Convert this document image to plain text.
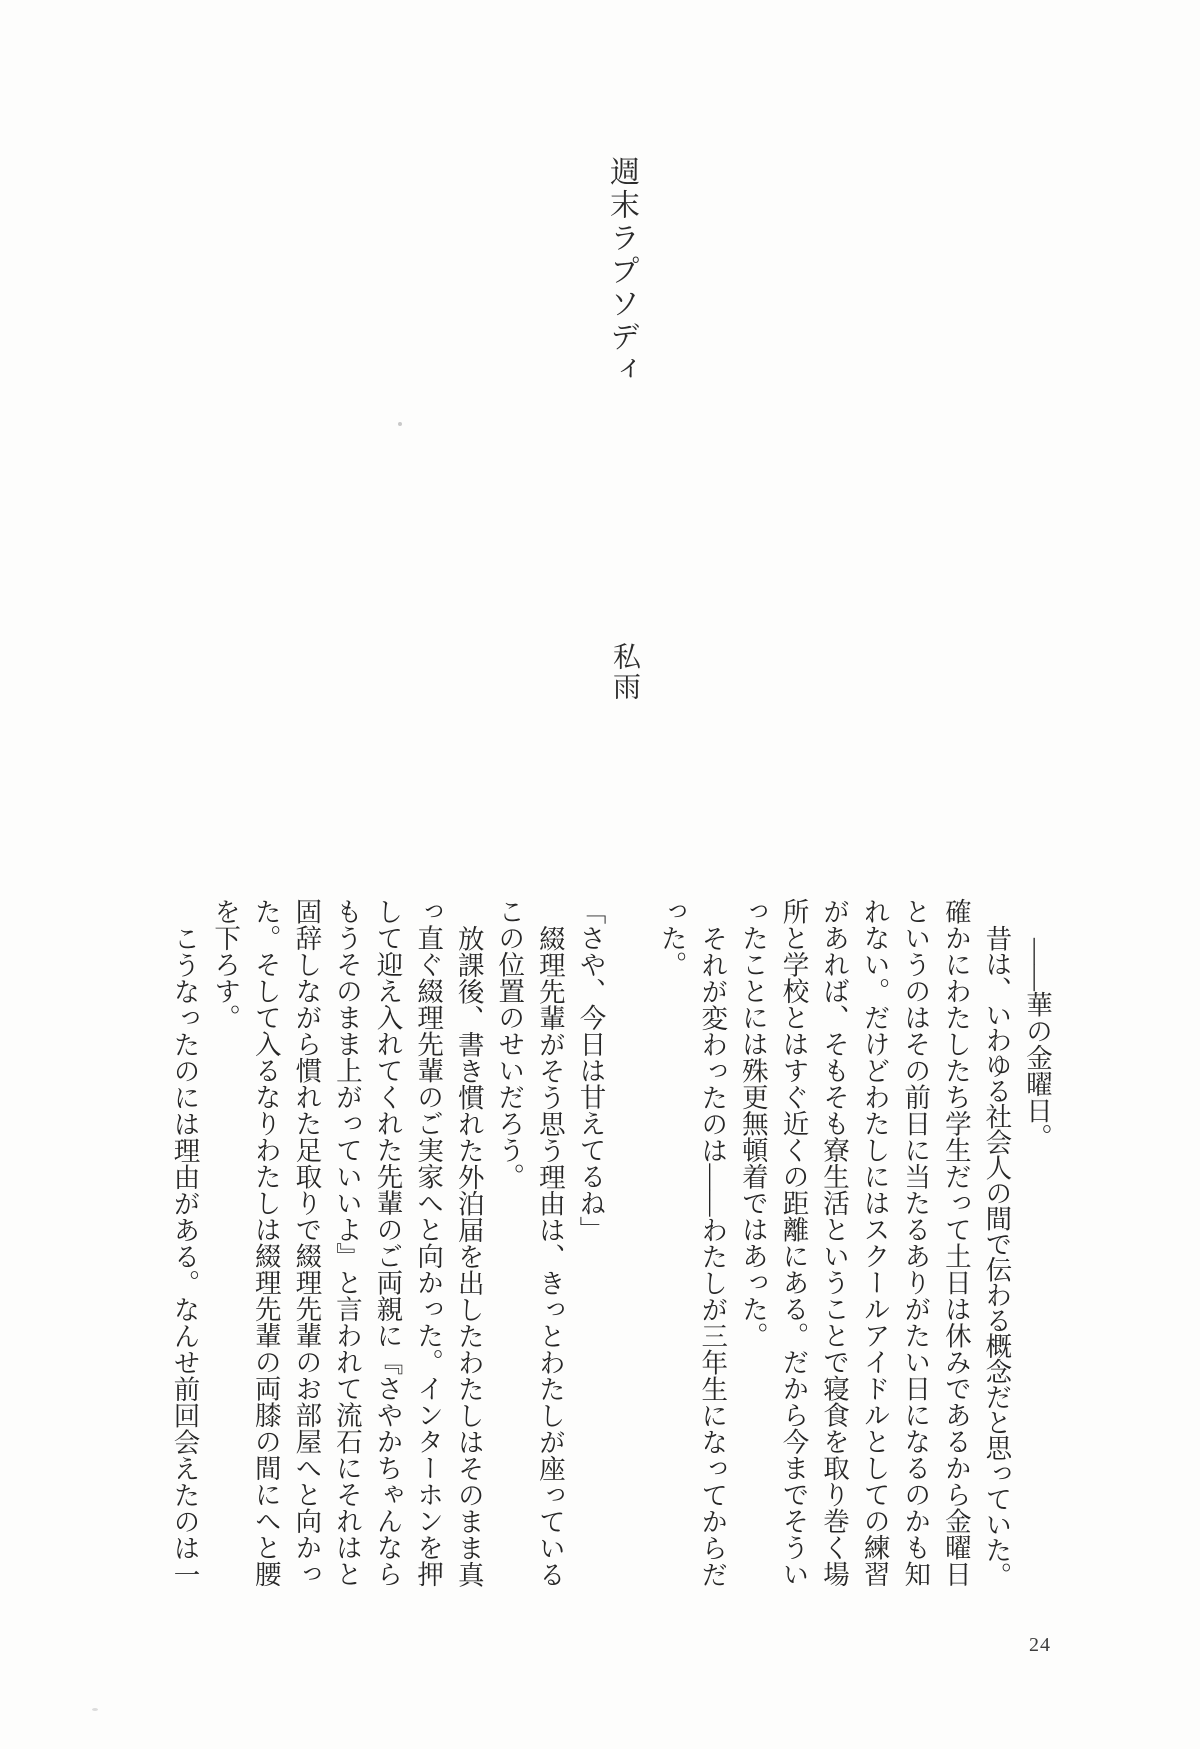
週末ラプソディ
私雨

――華の金曜日。

昔は、いわゆる社会人の間で伝わる概念だと思っていた。

確かにわたしたち学生だって土日は休みであるから金曜日

というのはその前日に当たるありがたい日になるのかも知

れない。だけどわたしにはスクールアイドルとしての練習

があれば、そもそも寮生活ということで寝食を取り巻く場

所と学校とはすぐ近くの距離にある。だから今までそうい

ったことには殊更無頓着ではあった。

それが変わったのは――わたしが三年生になってからだ

った。

「さや、今日は甘えてるね」

綴理先輩がそう思う理由は、きっとわたしが座っている

この位置のせいだろう。

放課後、書き慣れた外泊届を出したわたしはそのまま真

っ直ぐ綴理先輩のご実家へと向かった。インターホンを押

して迎え入れてくれた先輩のご両親に『さやかちゃんなら

もうそのまま上がっていいよ』と言われて流石にそれはと

固辞しながら慣れた足取りで綴理先輩のお部屋へと向かっ

た。そして入るなりわたしは綴理先輩の両膝の間にへと腰

を下ろす。

こうなったのには理由がある。なんせ前回会えたのは一

24
